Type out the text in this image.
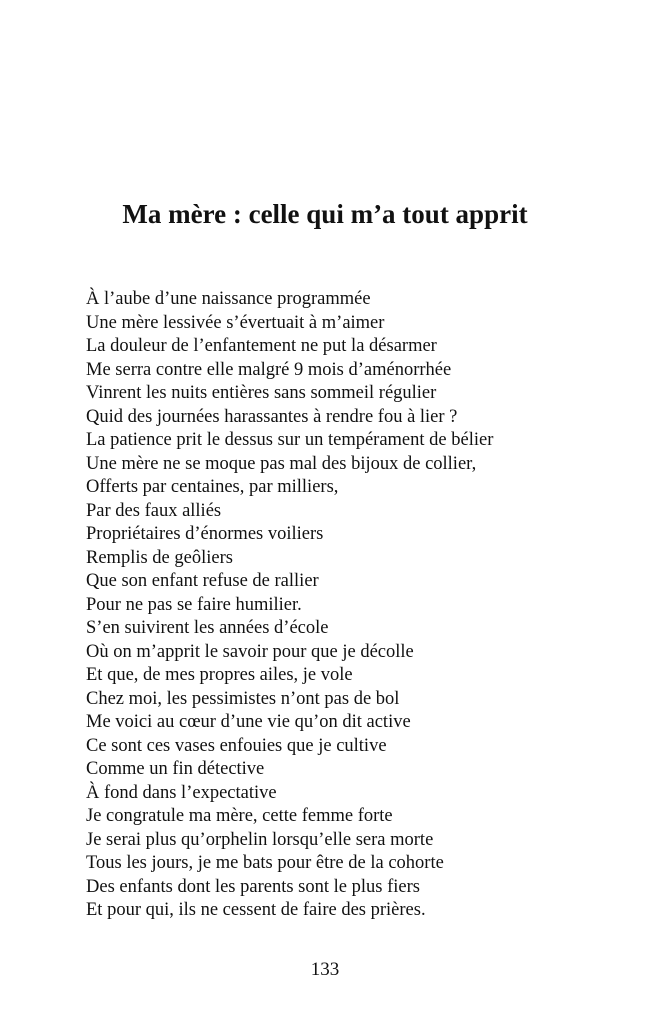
Ma mère : celle qui m’a tout apprit
À l’aube d’une naissance programmée
Une mère lessivée s’évertuait à m’aimer
La douleur de l’enfantement ne put la désarmer
Me serra contre elle malgré 9 mois d’aménorrhée
Vinrent les nuits entières sans sommeil régulier
Quid des journées harassantes à rendre fou à lier ?
La patience prit le dessus sur un tempérament de bélier
Une mère ne se moque pas mal des bijoux de collier,
Offerts par centaines, par milliers,
Par des faux alliés
Propriétaires d’énormes voiliers
Remplis de geôliers
Que son enfant refuse de rallier
Pour ne pas se faire humilier.
S’en suivirent les années d’école
Où on m’apprit le savoir pour que je décolle
Et que, de mes propres ailes, je vole
Chez moi, les pessimistes n’ont pas de bol
Me voici au cœur d’une vie qu’on dit active
Ce sont ces vases enfouies que je cultive
Comme un fin détective
À fond dans l’expectative
Je congratule ma mère, cette femme forte
Je serai plus qu’orphelin lorsqu’elle sera morte
Tous les jours, je me bats pour être de la cohorte
Des enfants dont les parents sont le plus fiers
Et pour qui, ils ne cessent de faire des prières.
133
